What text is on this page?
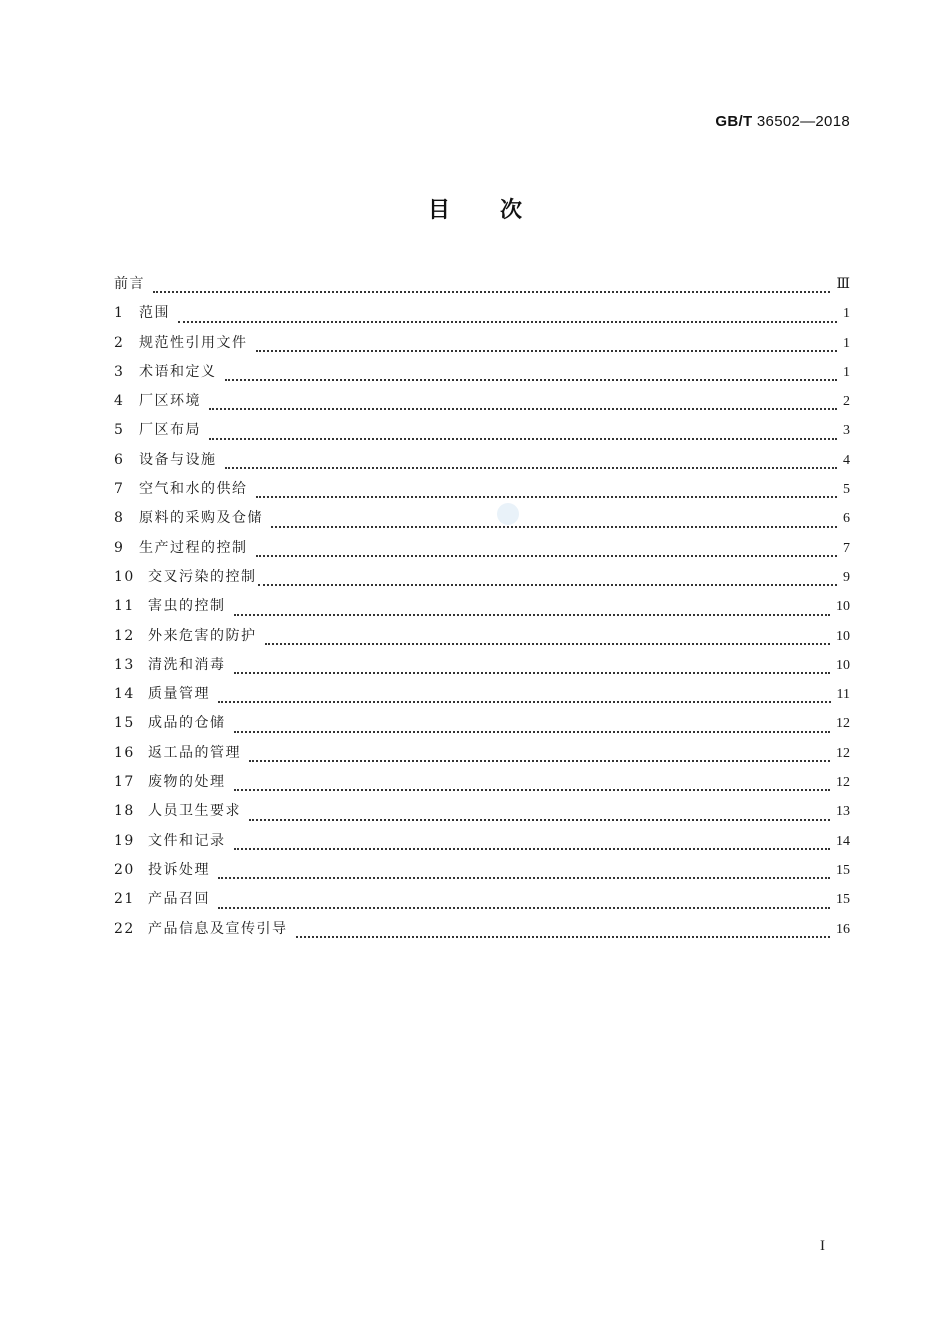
GB/T 36502—2018
目次
前言	Ⅲ
1	范围	1
2	规范性引用文件	1
3	术语和定义	1
4	厂区环境	2
5	厂区布局	3
6	设备与设施	4
7	空气和水的供给	5
8	原料的采购及仓储	6
9	生产过程的控制	7
10 交叉污染的控制	9
11 害虫的控制	10
12 外来危害的防护	10
13 清洗和消毒	10
14 质量管理	11
15 成品的仓储	12
16 返工品的管理	12
17 废物的处理	12
18 人员卫生要求	13
19 文件和记录	14
20 投诉处理	15
21 产品召回	15
22 产品信息及宣传引导	16
I
